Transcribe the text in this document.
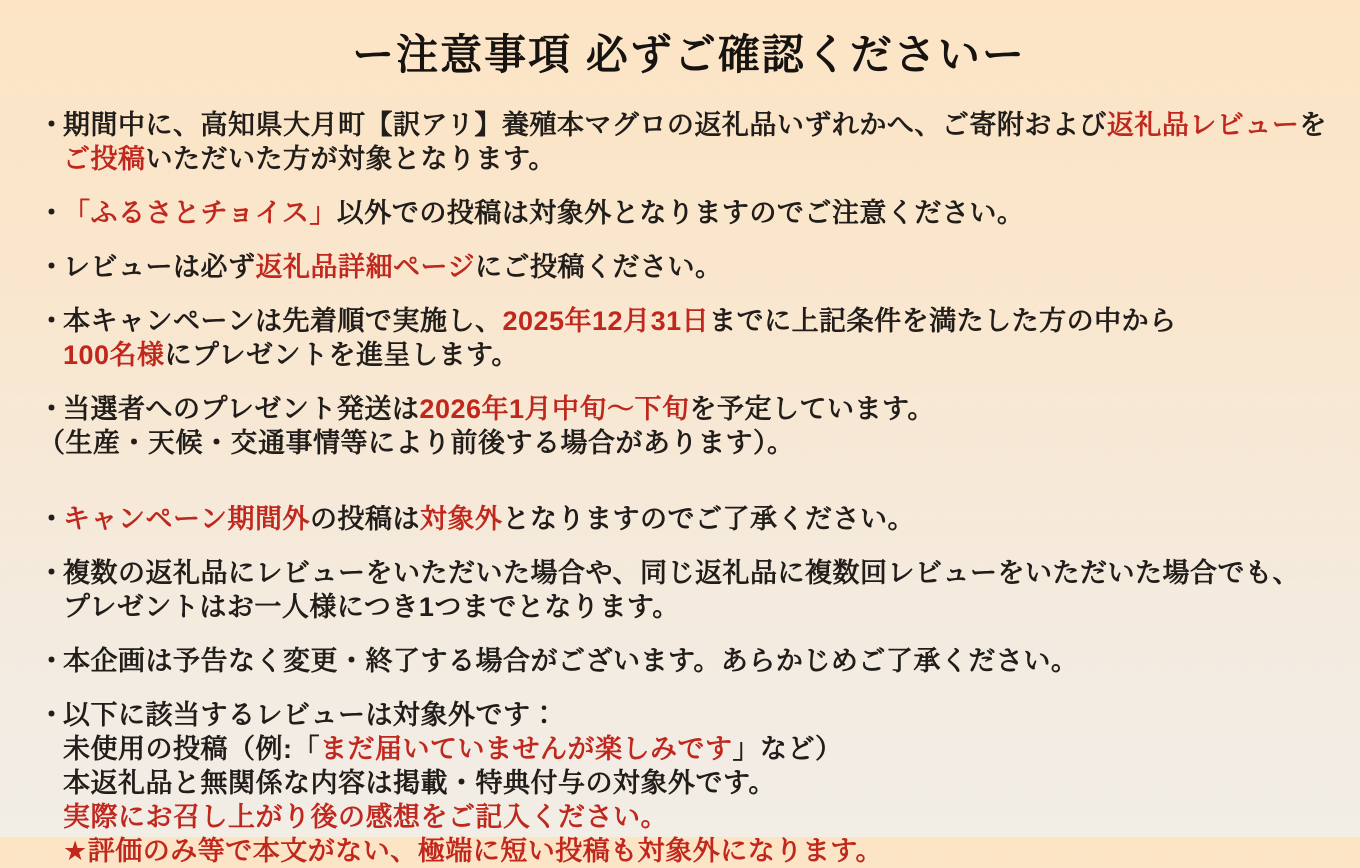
ー注意事項 必ずご確認くださいー
・期間中に、高知県大月町【訳アリ】養殖本マグロの返礼品いずれかへ、ご寄附および返礼品レビューを
ご投稿いただいた方が対象となります。
・「ふるさとチョイス」以外での投稿は対象外となりますのでご注意ください。
・レビューは必ず返礼品詳細ページにご投稿ください。
・本キャンペーンは先着順で実施し、2025年12月31日までに上記条件を満たした方の中から
100名様にプレゼントを進呈します。
・当選者へのプレゼント発送は2026年1月中旬～下旬を予定しています。
（生産・天候・交通事情等により前後する場合があります）。
・キャンペーン期間外の投稿は対象外となりますのでご了承ください。
・複数の返礼品にレビューをいただいた場合や、同じ返礼品に複数回レビューをいただいた場合でも、
プレゼントはお一人様につき1つまでとなります。
・本企画は予告なく変更・終了する場合がございます。あらかじめご了承ください。
・以下に該当するレビューは対象外です：
未使用の投稿（例:「まだ届いていませんが楽しみです」など）
本返礼品と無関係な内容は掲載・特典付与の対象外です。
実際にお召し上がり後の感想をご記入ください。
★評価のみ等で本文がない、極端に短い投稿も対象外になります。
